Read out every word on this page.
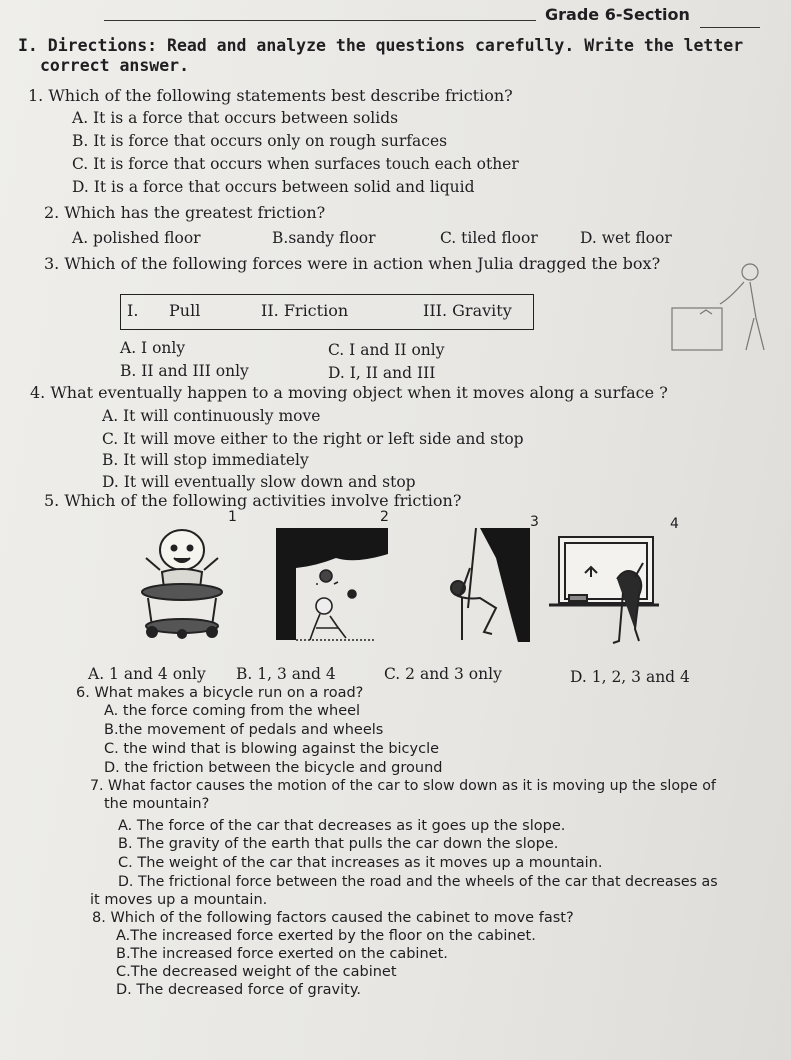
Grade 6-Section
I. Directions: Read and analyze the questions carefully. Write the letter
correct answer.
1. Which of the following statements best describe friction?
A. It is a force that occurs between solids
B. It is force that occurs only on rough surfaces
C. It is force that occurs when surfaces touch each other
D. It is a force that occurs between solid and liquid
2. Which has the greatest friction?
A. polished floor	B.sandy floor	C. tiled floor	D. wet floor
3. Which of the following forces were in action when Julia dragged the box?
I. Pull	II. Friction	III. Gravity
A. I only	C. I and II only
B. II and III only	D. I, II and III
4. What eventually happen to a moving object when it moves along a surface ?
A. It will continuously move
C. It will move either to the right or left side and stop
B. It will stop immediately
D. It will eventually slow down and stop
5. Which of the following activities involve friction?
1	2	3	4
A. 1 and 4 only B. 1, 3 and 4	C. 2 and 3 only	D. 1, 2, 3 and 4
6. What makes a bicycle run on a road?
A. the force coming from the wheel
B.the movement of pedals and wheels
C. the wind that is blowing against the bicycle
D. the friction between the bicycle and ground
7. What factor causes the motion of the car to slow down as it is moving up the slope of
the mountain?
A. The force of the car that decreases as it goes up the slope.
B. The gravity of the earth that pulls the car down the slope.
C. The weight of the car that increases as it moves up a mountain.
D. The frictional force between the road and the wheels of the car that decreases as
it moves up a mountain.
8. Which of the following factors caused the cabinet to move fast?
A.The increased force exerted by the floor on the cabinet.
B.The increased force exerted on the cabinet.
C.The decreased weight of the cabinet
D. The decreased force of gravity.
